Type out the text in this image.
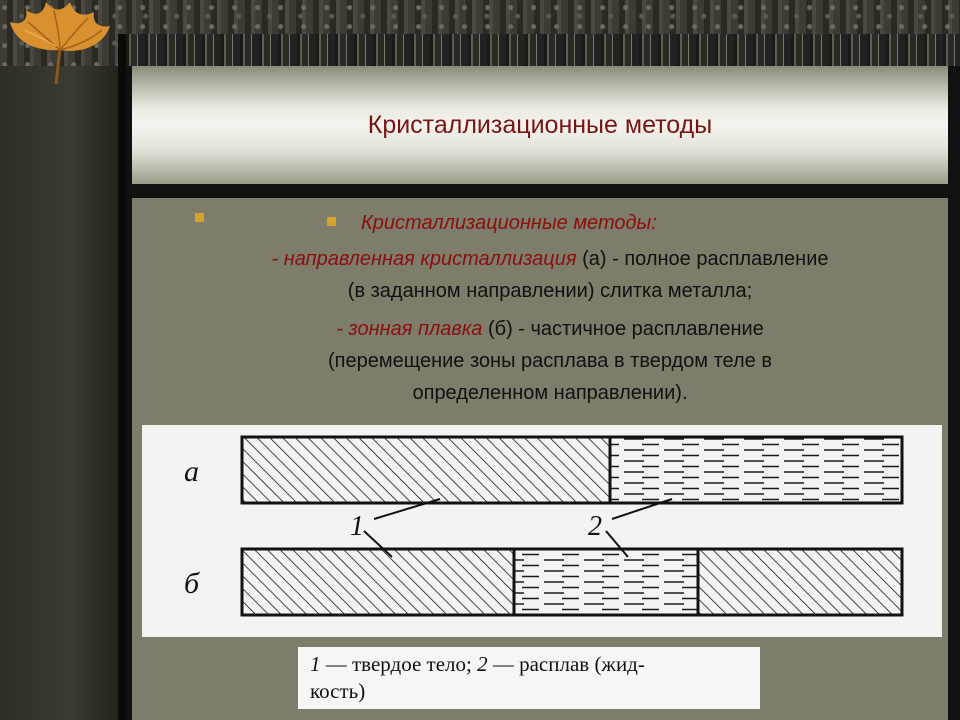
Кристаллизационные методы
Кристаллизационные методы:
- направленная кристаллизация (а) - полное расплавление
(в заданном направлении) слитка металла;
- зонная плавка (б) - частичное расплавление
(перемещение зоны расплава в твердом теле в
определенном направлении).
а
б
1	2
1 — твердое тело; 2 — расплав (жид-
кость)
